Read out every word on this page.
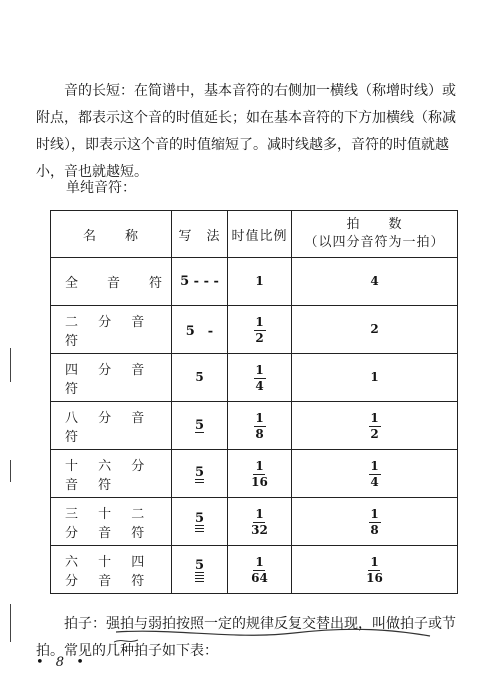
音的长短：在简谱中，基本音符的右侧加一横线（称增时线）或附点，都表示这个音的时值延长；如在基本音符的下方加横线（称减时线），即表示这个音的时值缩短了。减时线越多，音符的时值就越小，音也就越短。

单纯音符：
名　　称	写　法	时值比例	拍　　数
（以四分音符为一拍）

全　音　符	5 - - -	1	4
二 分 音 符	5　-	$\frac{1}{2}$	2
四 分 音 符	5	$\frac{1}{4}$	1
八 分 音 符	5	$\frac{1}{8}$	$\frac{1}{2}$

十 六 分 音 符	5	$\frac{1}{16}$	$\frac{1}{4}$

三 十 二 分 音 符	5	$\frac{1}{32}$	$\frac{1}{8}$

六 十 四 分 音 符	5	$\frac{1}{64}$	$\frac{1}{16}$

拍子：强拍与弱拍按照一定的规律反复交替出现，叫做拍子或节拍。常见的几种拍子如下表：

• 8 •
